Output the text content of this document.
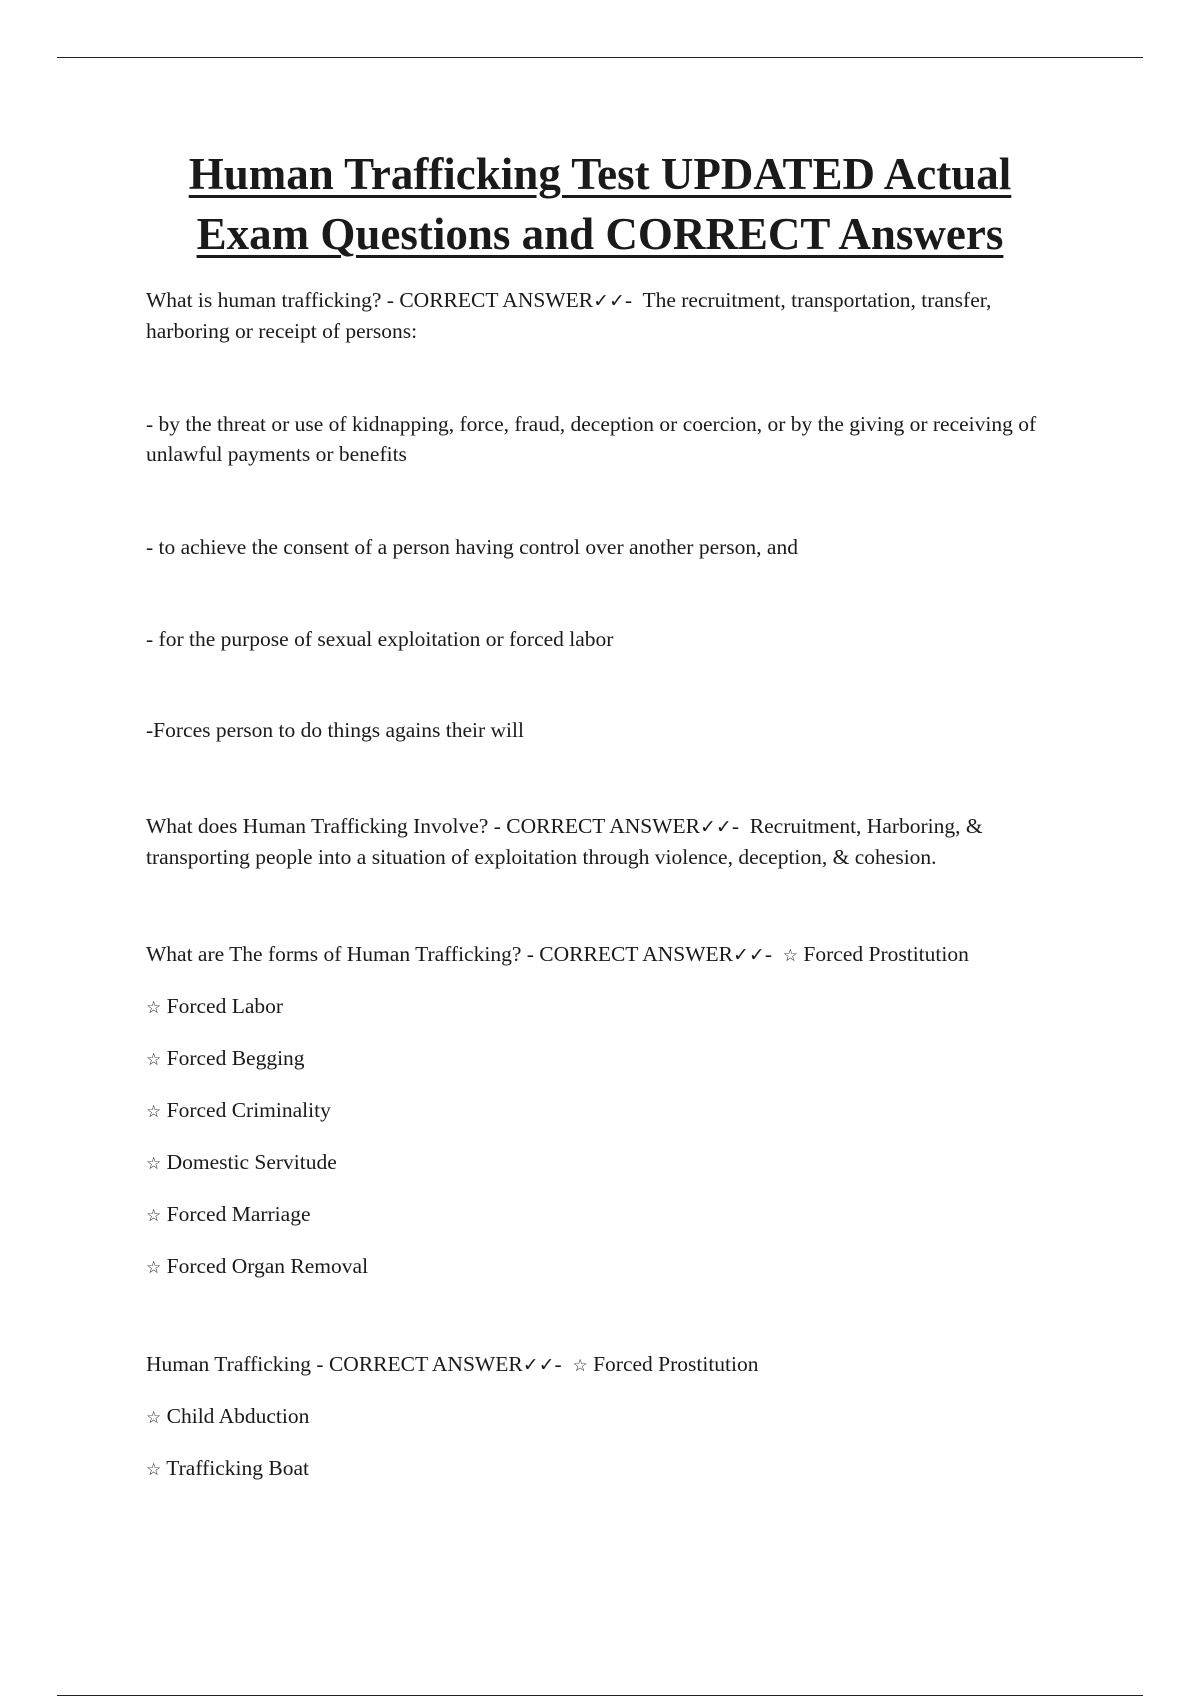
Human Trafficking Test UPDATED Actual
Exam Questions and CORRECT Answers

What is human trafficking? - CORRECT ANSWER✓✓-  The recruitment, transportation, transfer, harboring or receipt of persons:

- by the threat or use of kidnapping, force, fraud, deception or coercion, or by the giving or receiving of unlawful payments or benefits

- to achieve the consent of a person having control over another person, and

- for the purpose of sexual exploitation or forced labor

-Forces person to do things agains their will

What does Human Trafficking Involve? - CORRECT ANSWER✓✓-  Recruitment, Harboring, & transporting people into a situation of exploitation through violence, deception, & cohesion.

What are The forms of Human Trafficking? - CORRECT ANSWER✓✓-  ☆ Forced Prostitution

☆ Forced Labor

☆ Forced Begging

☆ Forced Criminality

☆ Domestic Servitude

☆ Forced Marriage

☆ Forced Organ Removal

Human Trafficking - CORRECT ANSWER✓✓-  ☆ Forced Prostitution

☆ Child Abduction

☆ Trafficking Boat
